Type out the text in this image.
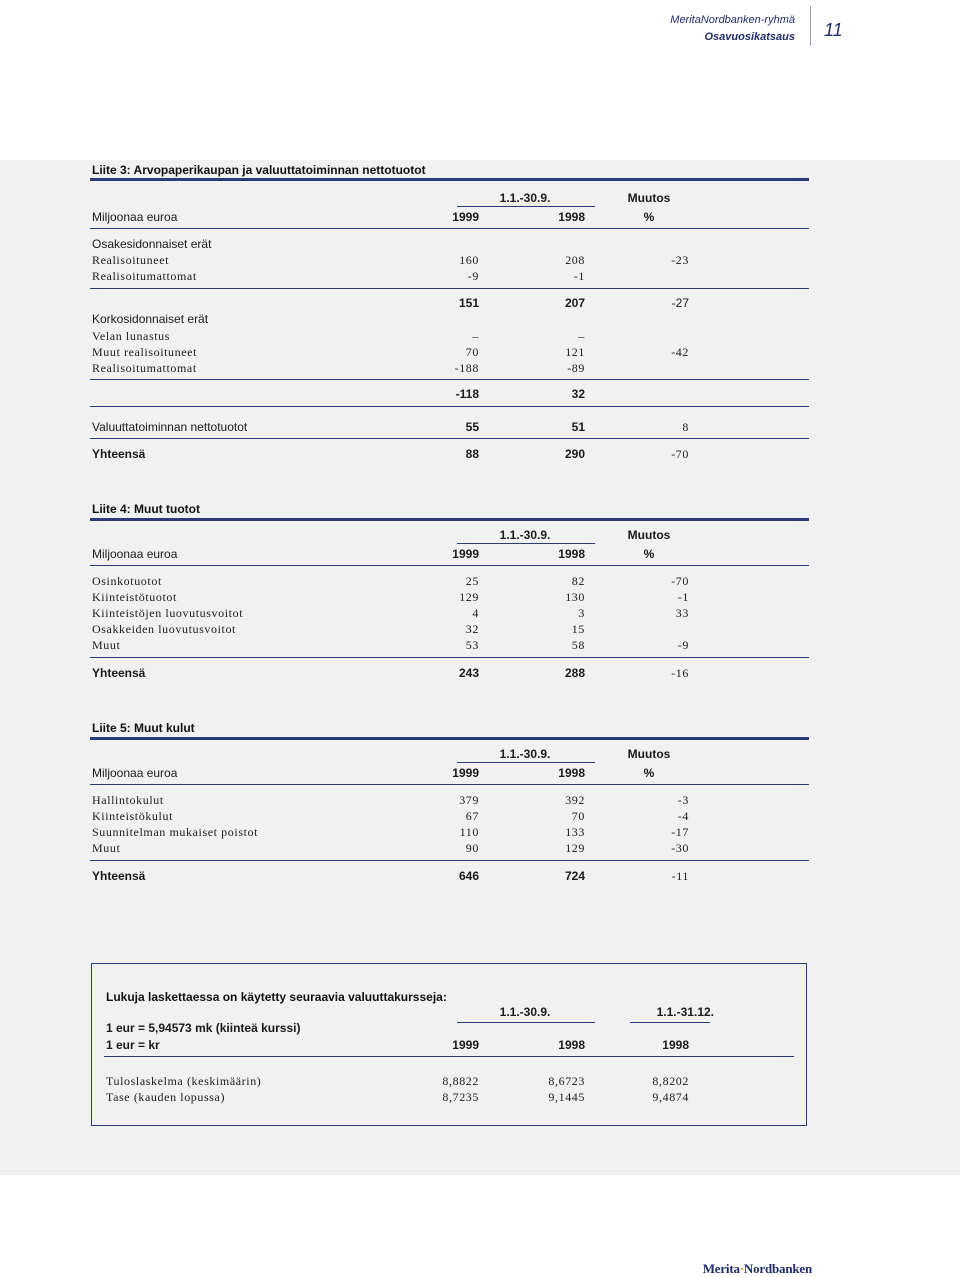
MeritaNordbanken-ryhmä
Osavuosikatsaus 11
Liite 3: Arvopaperikaupan ja valuuttatoiminnan nettotuotot
1.1.-30.9.	Muutos
Miljoonaa euroa	1999	1998	%
Osakesidonnaiset erät
Realisoituneet	160	208	-23
Realisoitumattomat	-9	-1
151	207	-27
Korkosidonnaiset erät
Velan lunastus	–	–
Muut realisoituneet	70	121	-42
Realisoitumattomat	-188	-89
-118	32
Valuuttatoiminnan nettotuotot	55	51	8
Yhteensä	88	290	-70
Liite 4: Muut tuotot
1.1.-30.9.	Muutos
Miljoonaa euroa	1999	1998	%
Osinkotuotot	25	82	-70
Kiinteistötuotot	129	130	-1
Kiinteistöjen luovutusvoitot	4	3	33
Osakkeiden luovutusvoitot	32	15
Muut	53	58	-9
Yhteensä	243	288	-16
Liite 5: Muut kulut
1.1.-30.9.	Muutos
Miljoonaa euroa	1999	1998	%
Hallintokulut	379	392	-3
Kiinteistökulut	67	70	-4
Suunnitelman mukaiset poistot	110	133	-17
Muut	90	129	-30
Yhteensä	646	724	-11
Lukuja laskettaessa on käytetty seuraavia valuuttakursseja:
1.1.-30.9.	1.1.-31.12.
1 eur = 5,94573 mk (kiinteä kurssi)
1 eur = kr	1999	1998	1998
Tuloslaskelma (keskimäärin)	8,8822	8,6723	8,8202
Tase (kauden lopussa)	8,7235	9,1445	9,4874
Merita·Nordbanken
